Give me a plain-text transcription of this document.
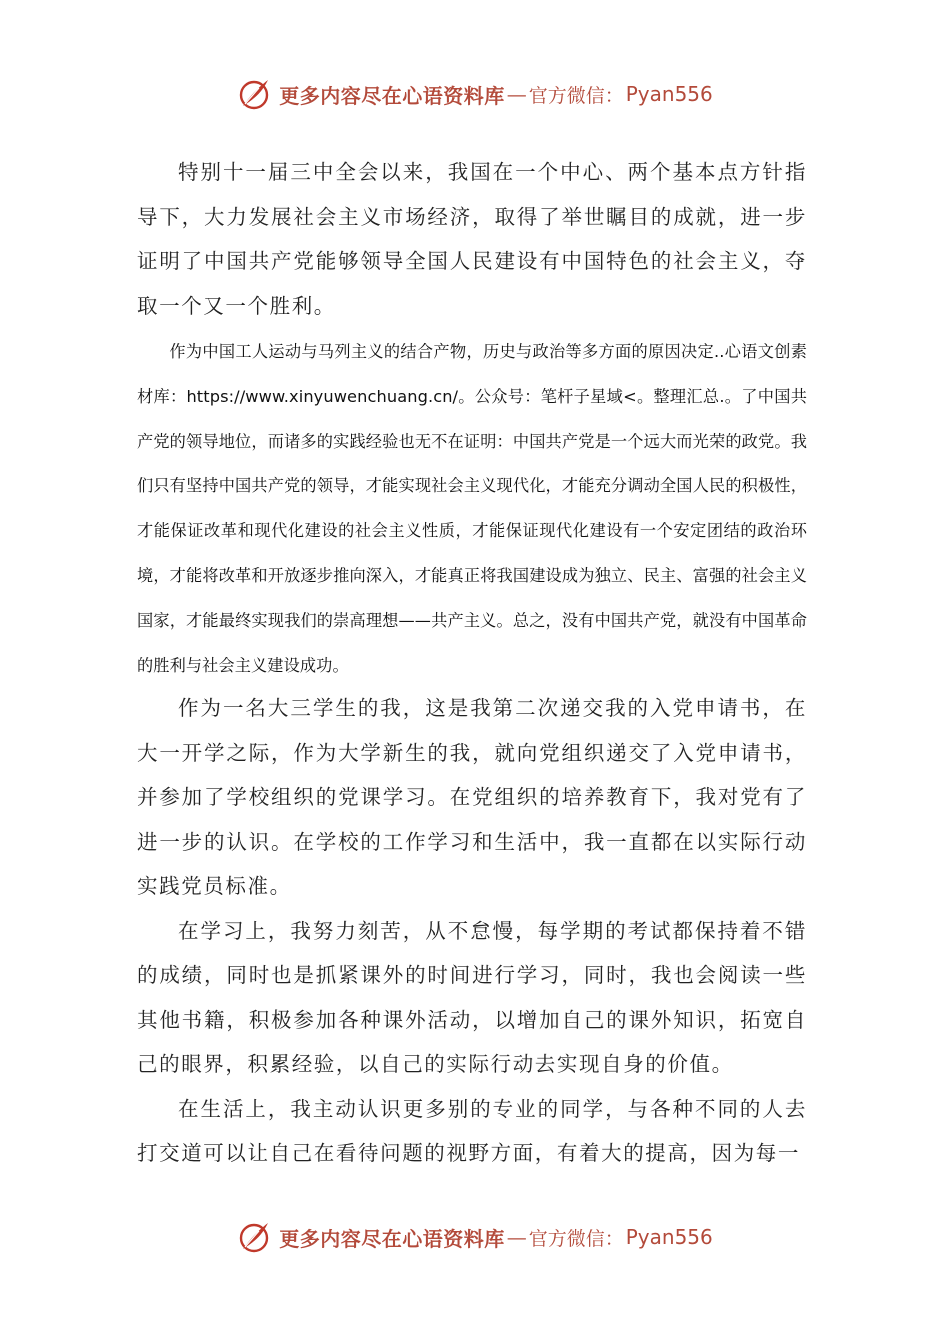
更多内容尽在心语资料库 — 官方微信： Pyan556

特别十一届三中全会以来，我国在一个中心、两个基本点方针指导下，大力发展社会主义市场经济，取得了举世瞩目的成就，进一步证明了中国共产党能够领导全国人民建设有中国特色的社会主义，夺取一个又一个胜利。

作为中国工人运动与马列主义的结合产物，历史与政治等多方面的原因决定..心语文创素材库：https://www.xinyuwenchuang.cn/。公众号：笔杆子星域<。整理汇总.。了中国共产党的领导地位，而诸多的实践经验也无不在证明：中国共产党是一个远大而光荣的政党。我们只有坚持中国共产党的领导，才能实现社会主义现代化，才能充分调动全国人民的积极性，才能保证改革和现代化建设的社会主义性质，才能保证现代化建设有一个安定团结的政治环境，才能将改革和开放逐步推向深入，才能真正将我国建设成为独立、民主、富强的社会主义国家，才能最终实现我们的崇高理想——共产主义。总之，没有中国共产党，就没有中国革命的胜利与社会主义建设成功。

作为一名大三学生的我，这是我第二次递交我的入党申请书，在大一开学之际，作为大学新生的我，就向党组织递交了入党申请书，并参加了学校组织的党课学习。在党组织的培养教育下，我对党有了进一步的认识。在学校的工作学习和生活中，我一直都在以实际行动实践党员标准。

在学习上，我努力刻苦，从不怠慢，每学期的考试都保持着不错的成绩，同时也是抓紧课外的时间进行学习，同时，我也会阅读一些其他书籍，积极参加各种课外活动，以增加自己的课外知识，拓宽自己的眼界，积累经验，以自己的实际行动去实现自身的价值。

在生活上，我主动认识更多别的专业的同学，与各种不同的人去打交道可以让自己在看待问题的视野方面，有着大的提高，因为每一

更多内容尽在心语资料库 — 官方微信： Pyan556
